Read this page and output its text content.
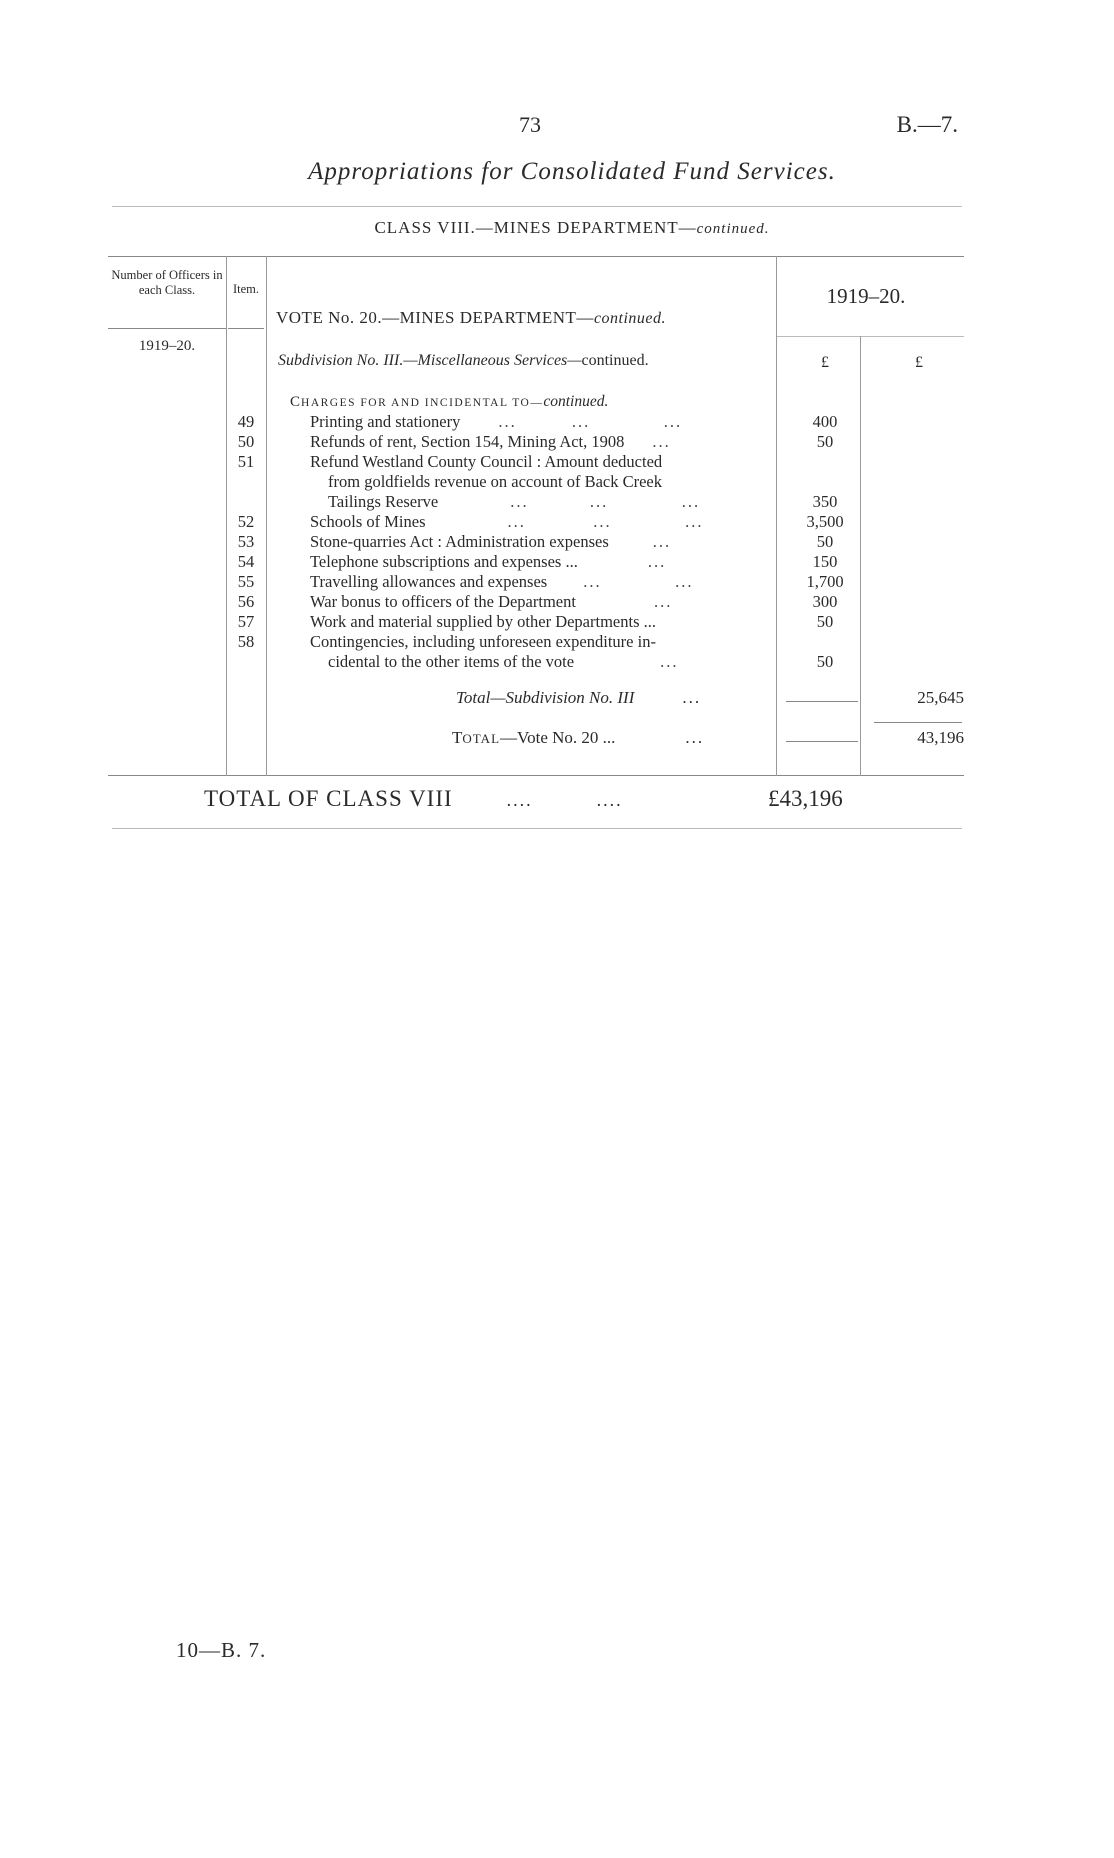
73	B.—7.
Appropriations for Consolidated Fund Services.
CLASS VIII.—MINES DEPARTMENT—continued.
Number of Officers in each Class.	Item.
VOTE No. 20.—MINES DEPARTMENT—continued.
1919–20.
1919–20.
Subdivision No. III.—Miscellaneous Services—continued.	£	£
CHARGES FOR AND INCIDENTAL TO—continued.
49	Printing and stationery ...         ...            ...	400
50	Refunds of rent, Section 154, Mining Act, 1908 ...	50
51	Refund Westland County Council : Amount deducted
from goldfields revenue on account of Back Creek
Tailings Reserve	...          ...            ...	350
52	Schools of Mines	...           ...            ...	3,500
53	Stone-quarries Act : Administration expenses	...	50
54	Telephone subscriptions and expenses ...	...	150
55	Travelling allowances and expenses ...            ...	1,700
56	War bonus to officers of the Department	...	300
57	Work and material supplied by other Departments ...	50
58	Contingencies, including unforeseen expenditure in-
cidental to the other items of the vote	...	50
Total—Subdivision No. III	...	25,645
TOTAL—Vote No. 20 ...	...	43,196
TOTAL OF CLASS VIII	....	....	£43,196
10—B. 7.
